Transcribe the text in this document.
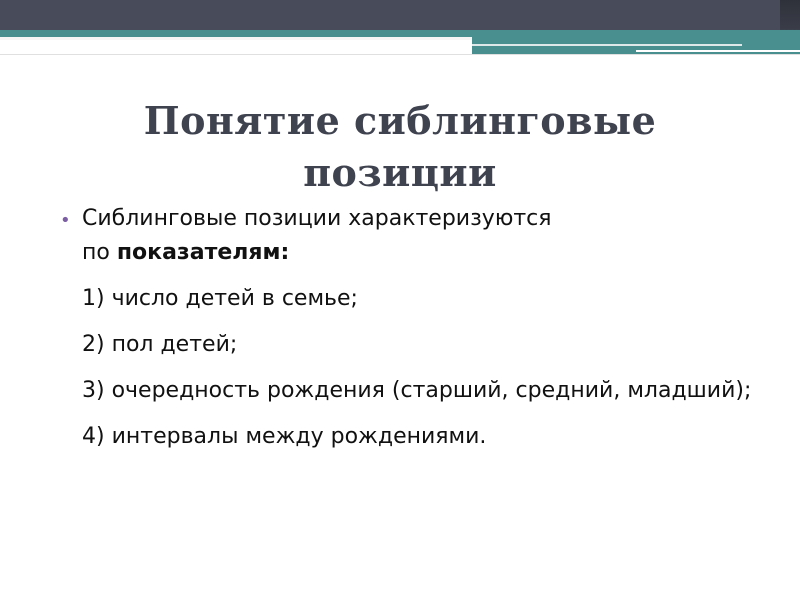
Понятие сиблинговые
позиции
• Сиблинговые позиции характеризуются
по показателям:
1) число детей в семье;
2) пол детей;
3) очередность рождения (старший, средний, младший);
4) интервалы между рождениями.
